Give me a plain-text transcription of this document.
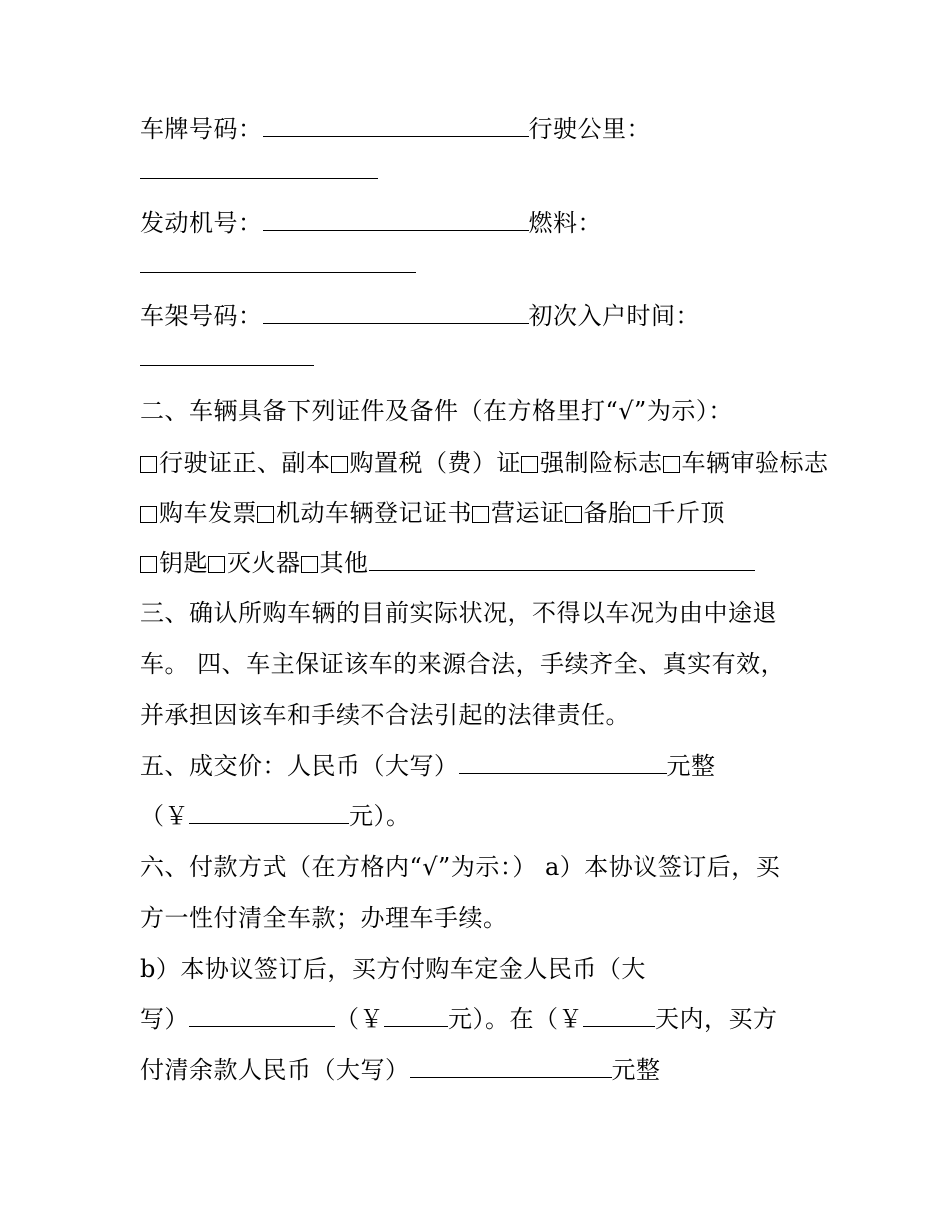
车牌号码：	行驶公里：
发动机号：	燃料：
车架号码：	初次入户时间：
二、车辆具备下列证件及备件（在方格里打“√”为示）：
行驶证正、副本 购置税（费）证 强制险标志 车辆审验标志
购车发票 机动车辆登记证书 营运证 备胎 千斤顶
钥匙 灭火器 其他
三、确认所购车辆的目前实际状况，不得以车况为由中途退
车。 四、车主保证该车的来源合法，手续齐全、真实有效，
并承担因该车和手续不合法引起的法律责任。
五、成交价：人民币（大写）	元整
（￥	元）。
六、付款方式（在方格内“√”为示：） a）本协议签订后，买
方一性付清全车款；办理车手续。
b）本协议签订后，买方付购车定金人民币（大
写）	（￥	元）。在（￥	天内，买方
付清余款人民币（大写）	元整
